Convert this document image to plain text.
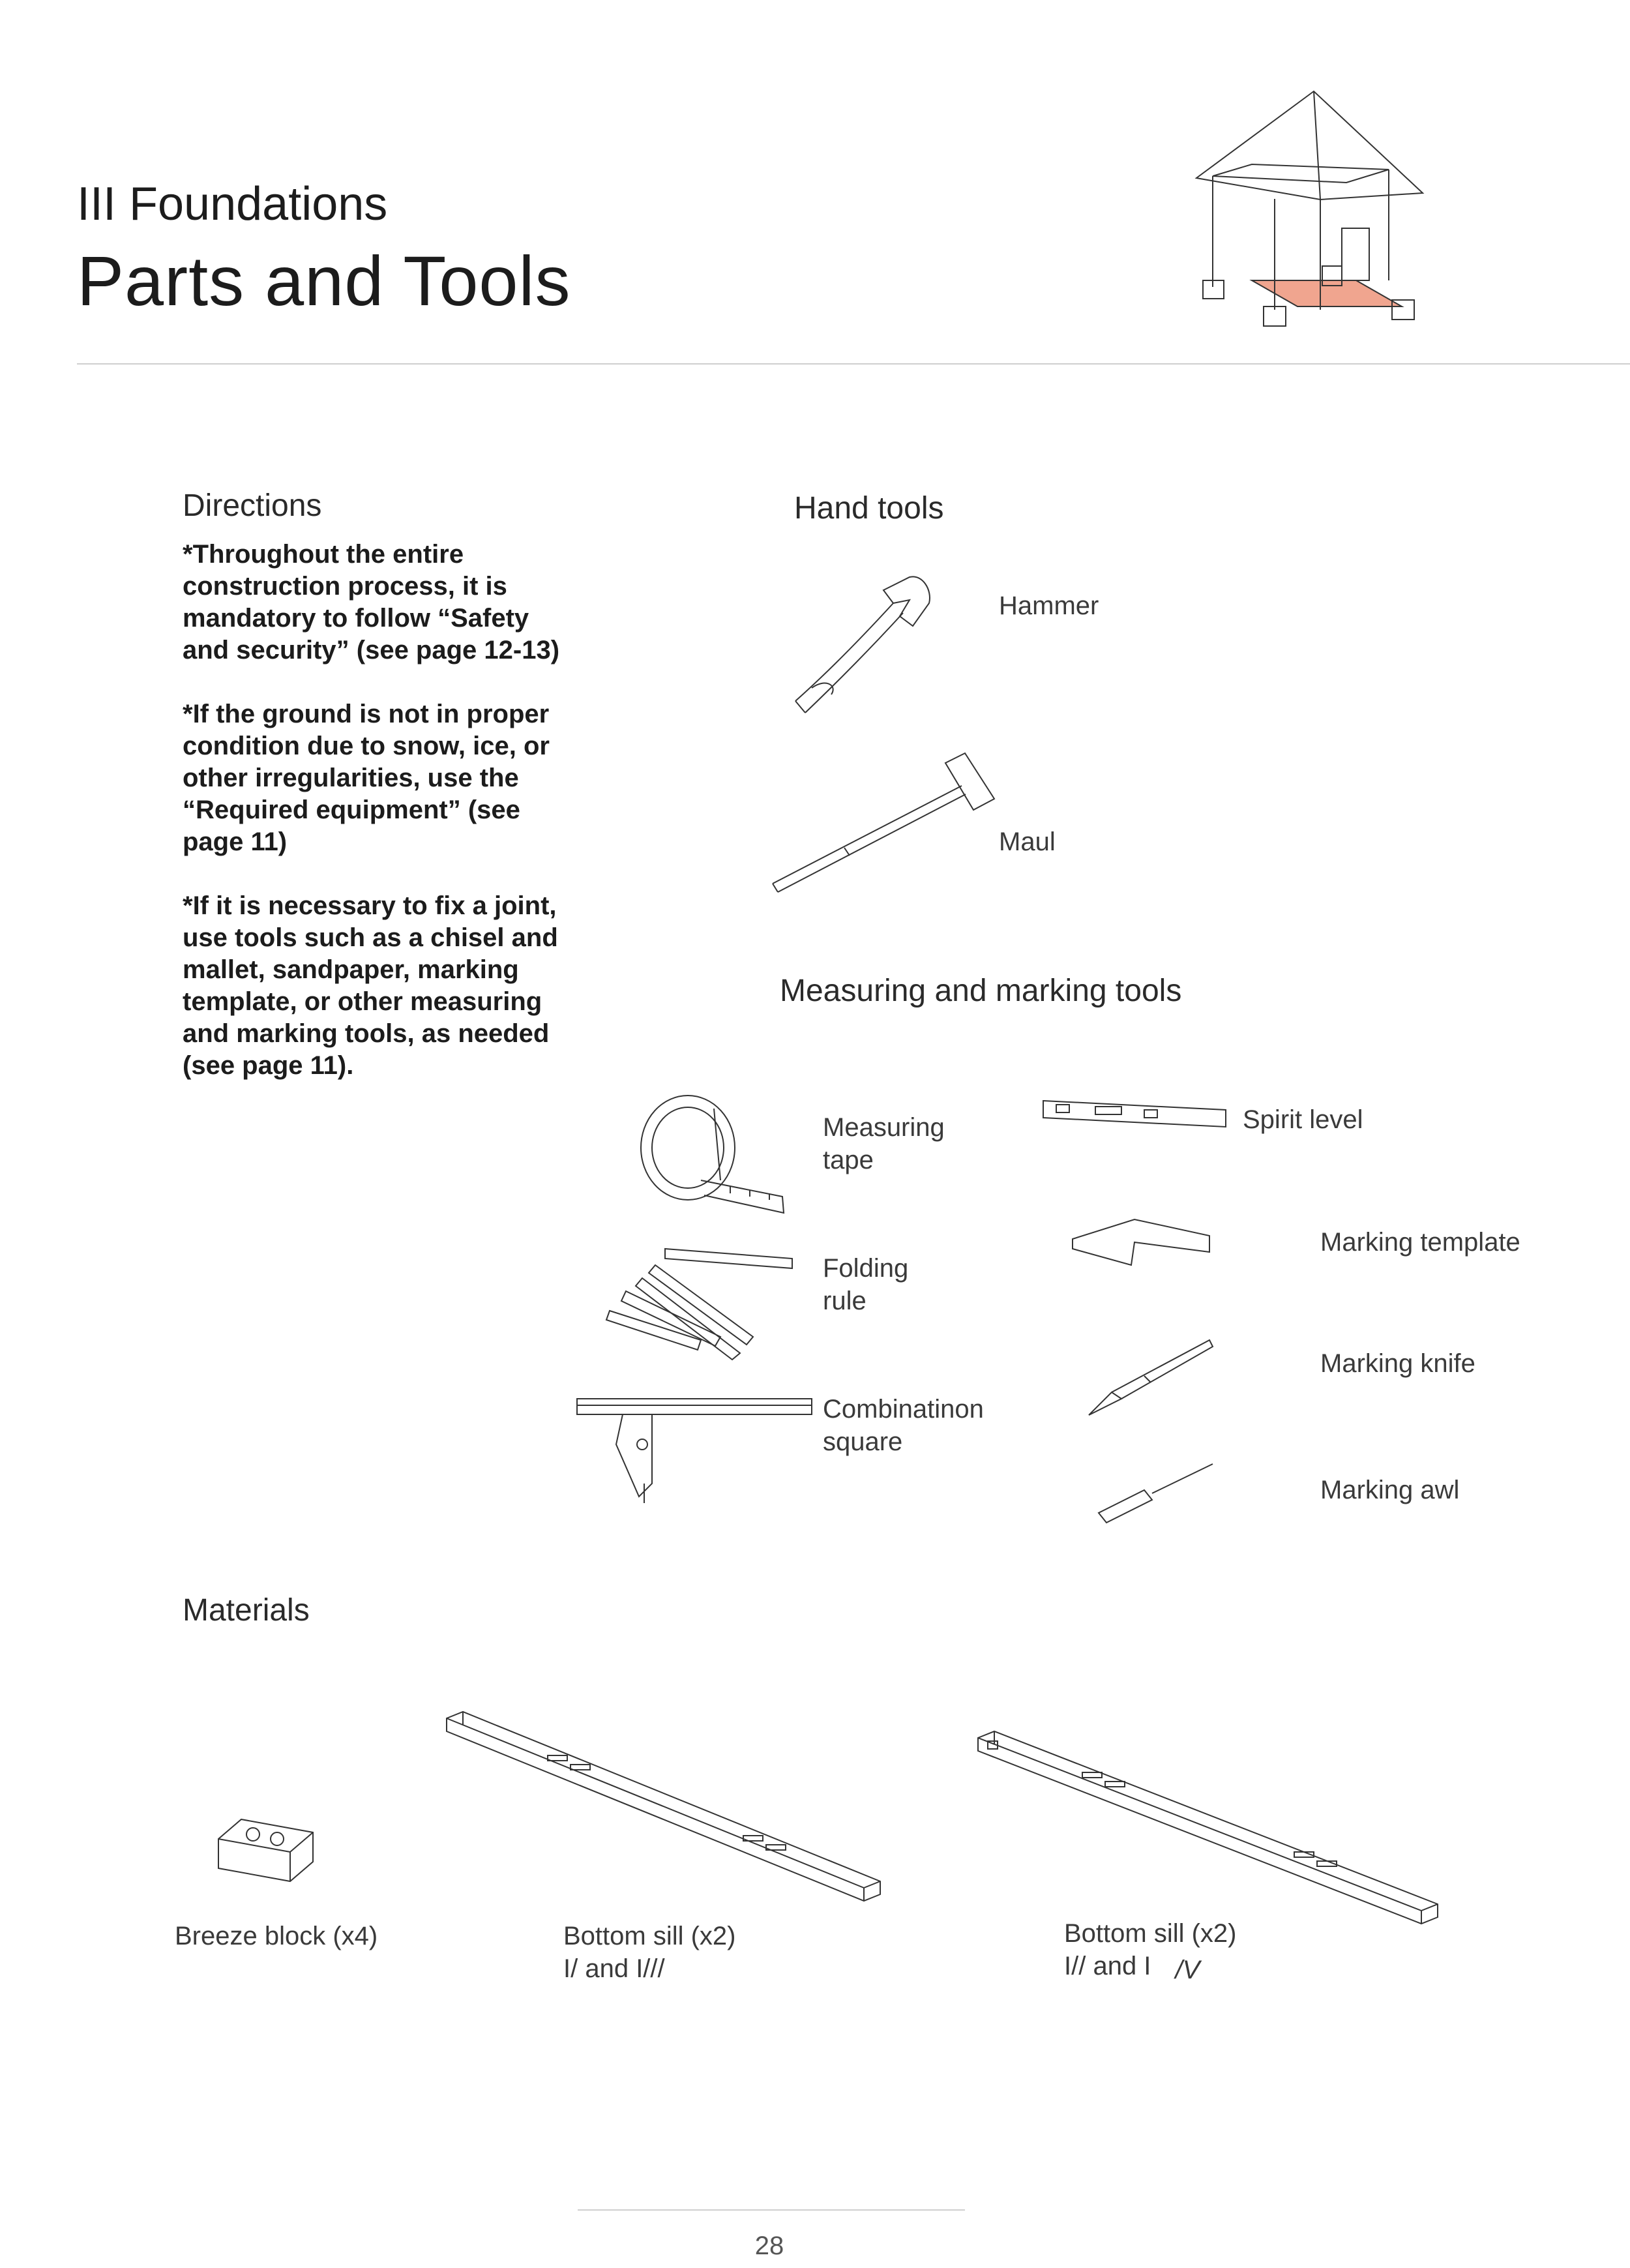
III Foundations
Parts and Tools
Directions

*Throughout the entire construction process, it is mandatory to follow “Safety and security” (see page 12-13)

*If the ground is not in proper condition due to snow, ice, or other irregularities, use the “Required equipment” (see page 11)

*If it is necessary to fix a joint, use tools such as a chisel and mallet, sandpaper, marking template, or other measuring and marking tools, as needed (see page 11).

Hand tools
Hammer
Maul
Measuring and marking tools
Measuring
tape
Folding
rule
Combinatinon
square
Spirit level
Marking template
Marking knife
Marking awl
Materials
Breeze block (x4)	Bottom sill (x2)
I/ and I///
Bottom sill (x2)
I// and I /V
28
